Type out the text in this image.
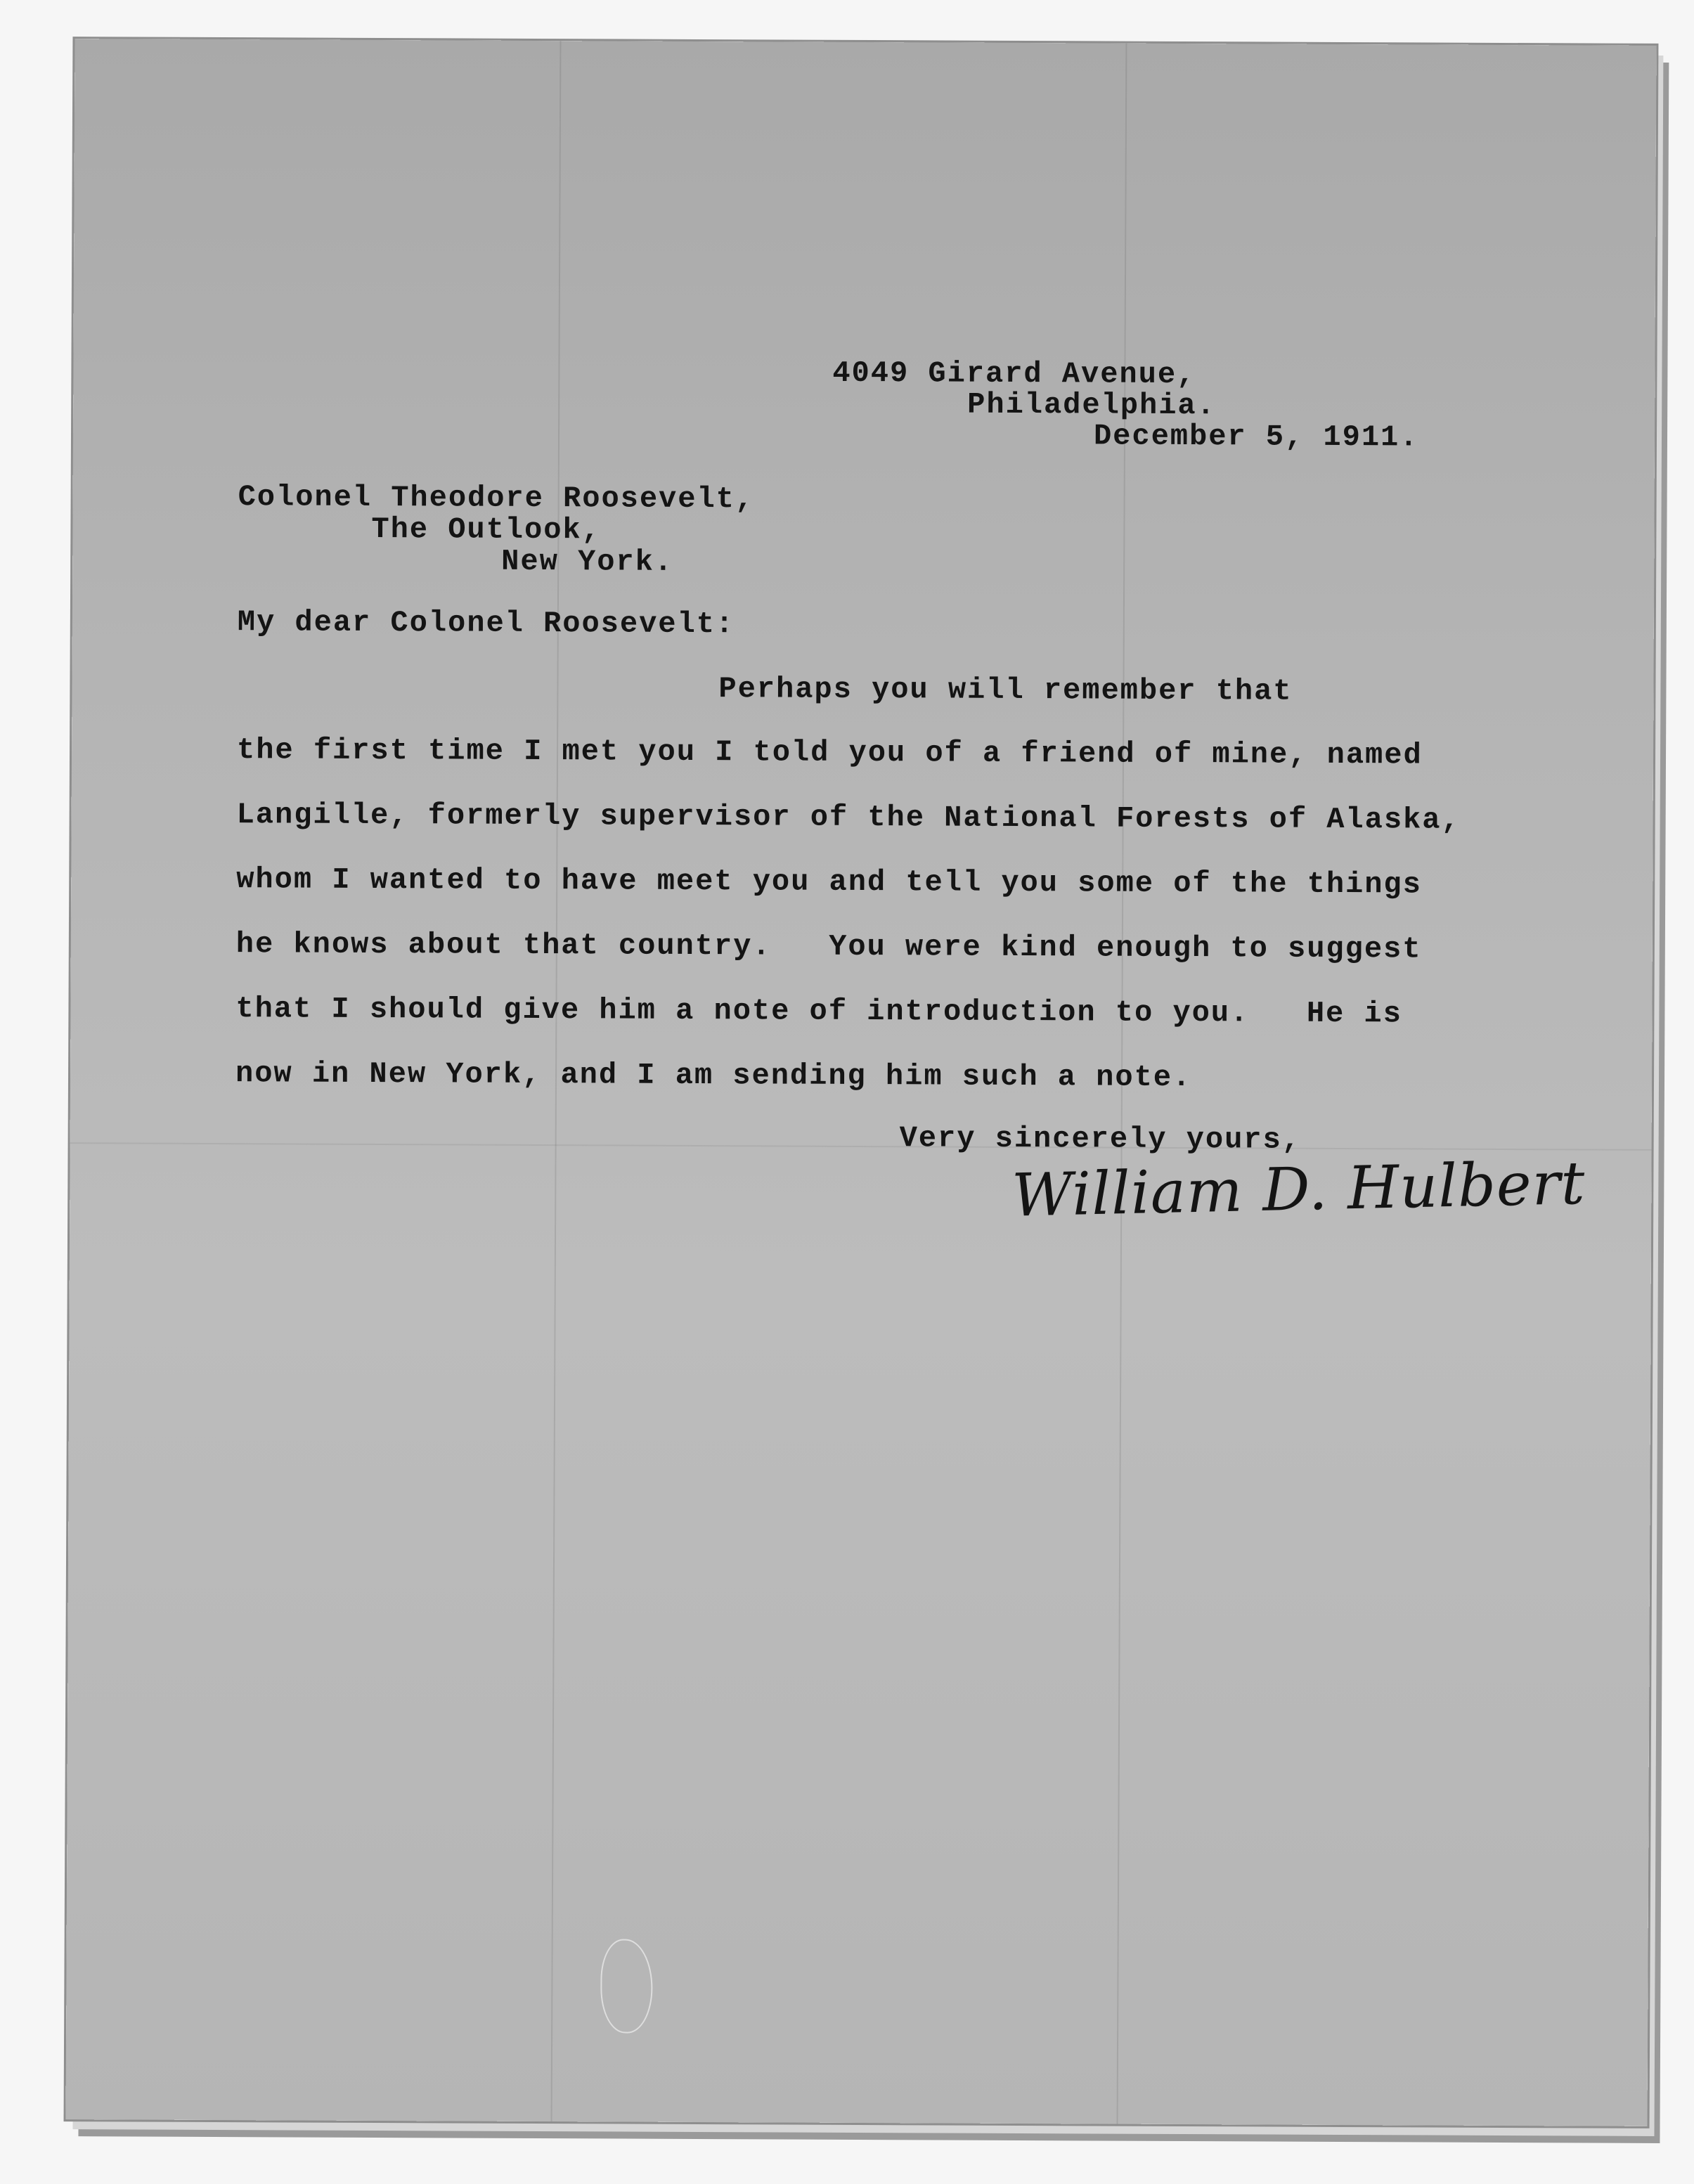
4049 Girard Avenue,
Philadelphia.
December 5, 1911.
Colonel Theodore Roosevelt,
The Outlook,
New York.
My dear Colonel Roosevelt:
Perhaps you will remember that
the first time I met you I told you of a friend of mine, named
Langille, formerly supervisor of the National Forests of Alaska,
whom I wanted to have meet you and tell you some of the things
he knows about that country.   You were kind enough to suggest
that I should give him a note of introduction to you.   He is
now in New York, and I am sending him such a note.
Very sincerely yours,
William D. Hulbert
